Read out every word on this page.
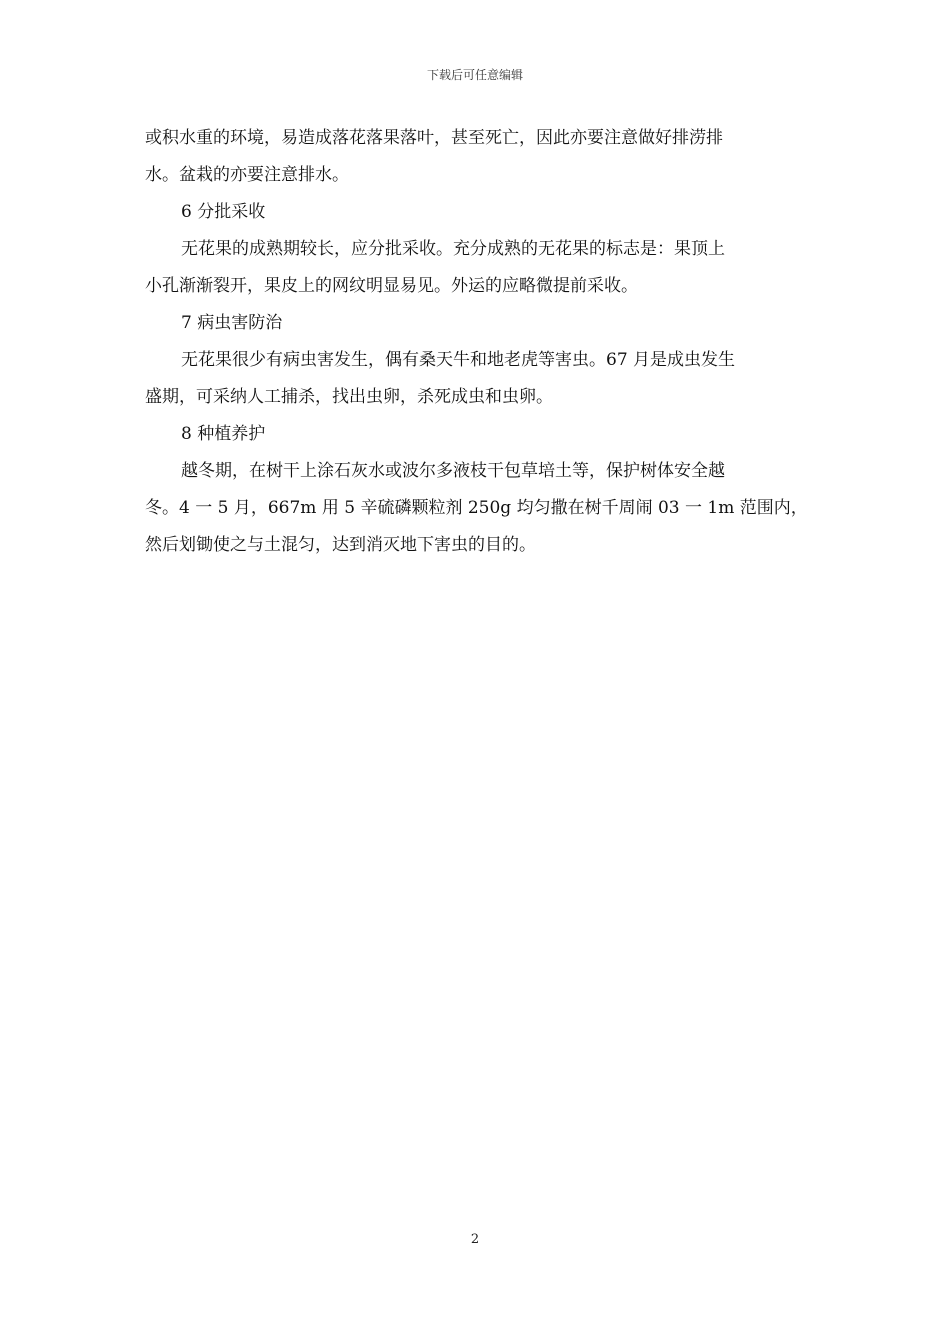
下载后可任意编辑
或积水重的环境，易造成落花落果落叶，甚至死亡，因此亦要注意做好排涝排
水。盆栽的亦要注意排水。
6 分批采收
无花果的成熟期较长，应分批采收。充分成熟的无花果的标志是：果顶上
小孔渐渐裂开，果皮上的网纹明显易见。外运的应略微提前采收。
7 病虫害防治
无花果很少有病虫害发生，偶有桑天牛和地老虎等害虫。67 月是成虫发生
盛期，可采纳人工捕杀，找出虫卵，杀死成虫和虫卵。
8 种植养护
越冬期，在树干上涂石灰水或波尔多液枝干包草培土等，保护树体安全越
冬。4 一 5 月，667m 用 5 辛硫磷颗粒剂 250g 均匀撒在树千周闹 03 一 1m 范围内，
然后划锄使之与土混匀，达到消灭地下害虫的目的。
2
